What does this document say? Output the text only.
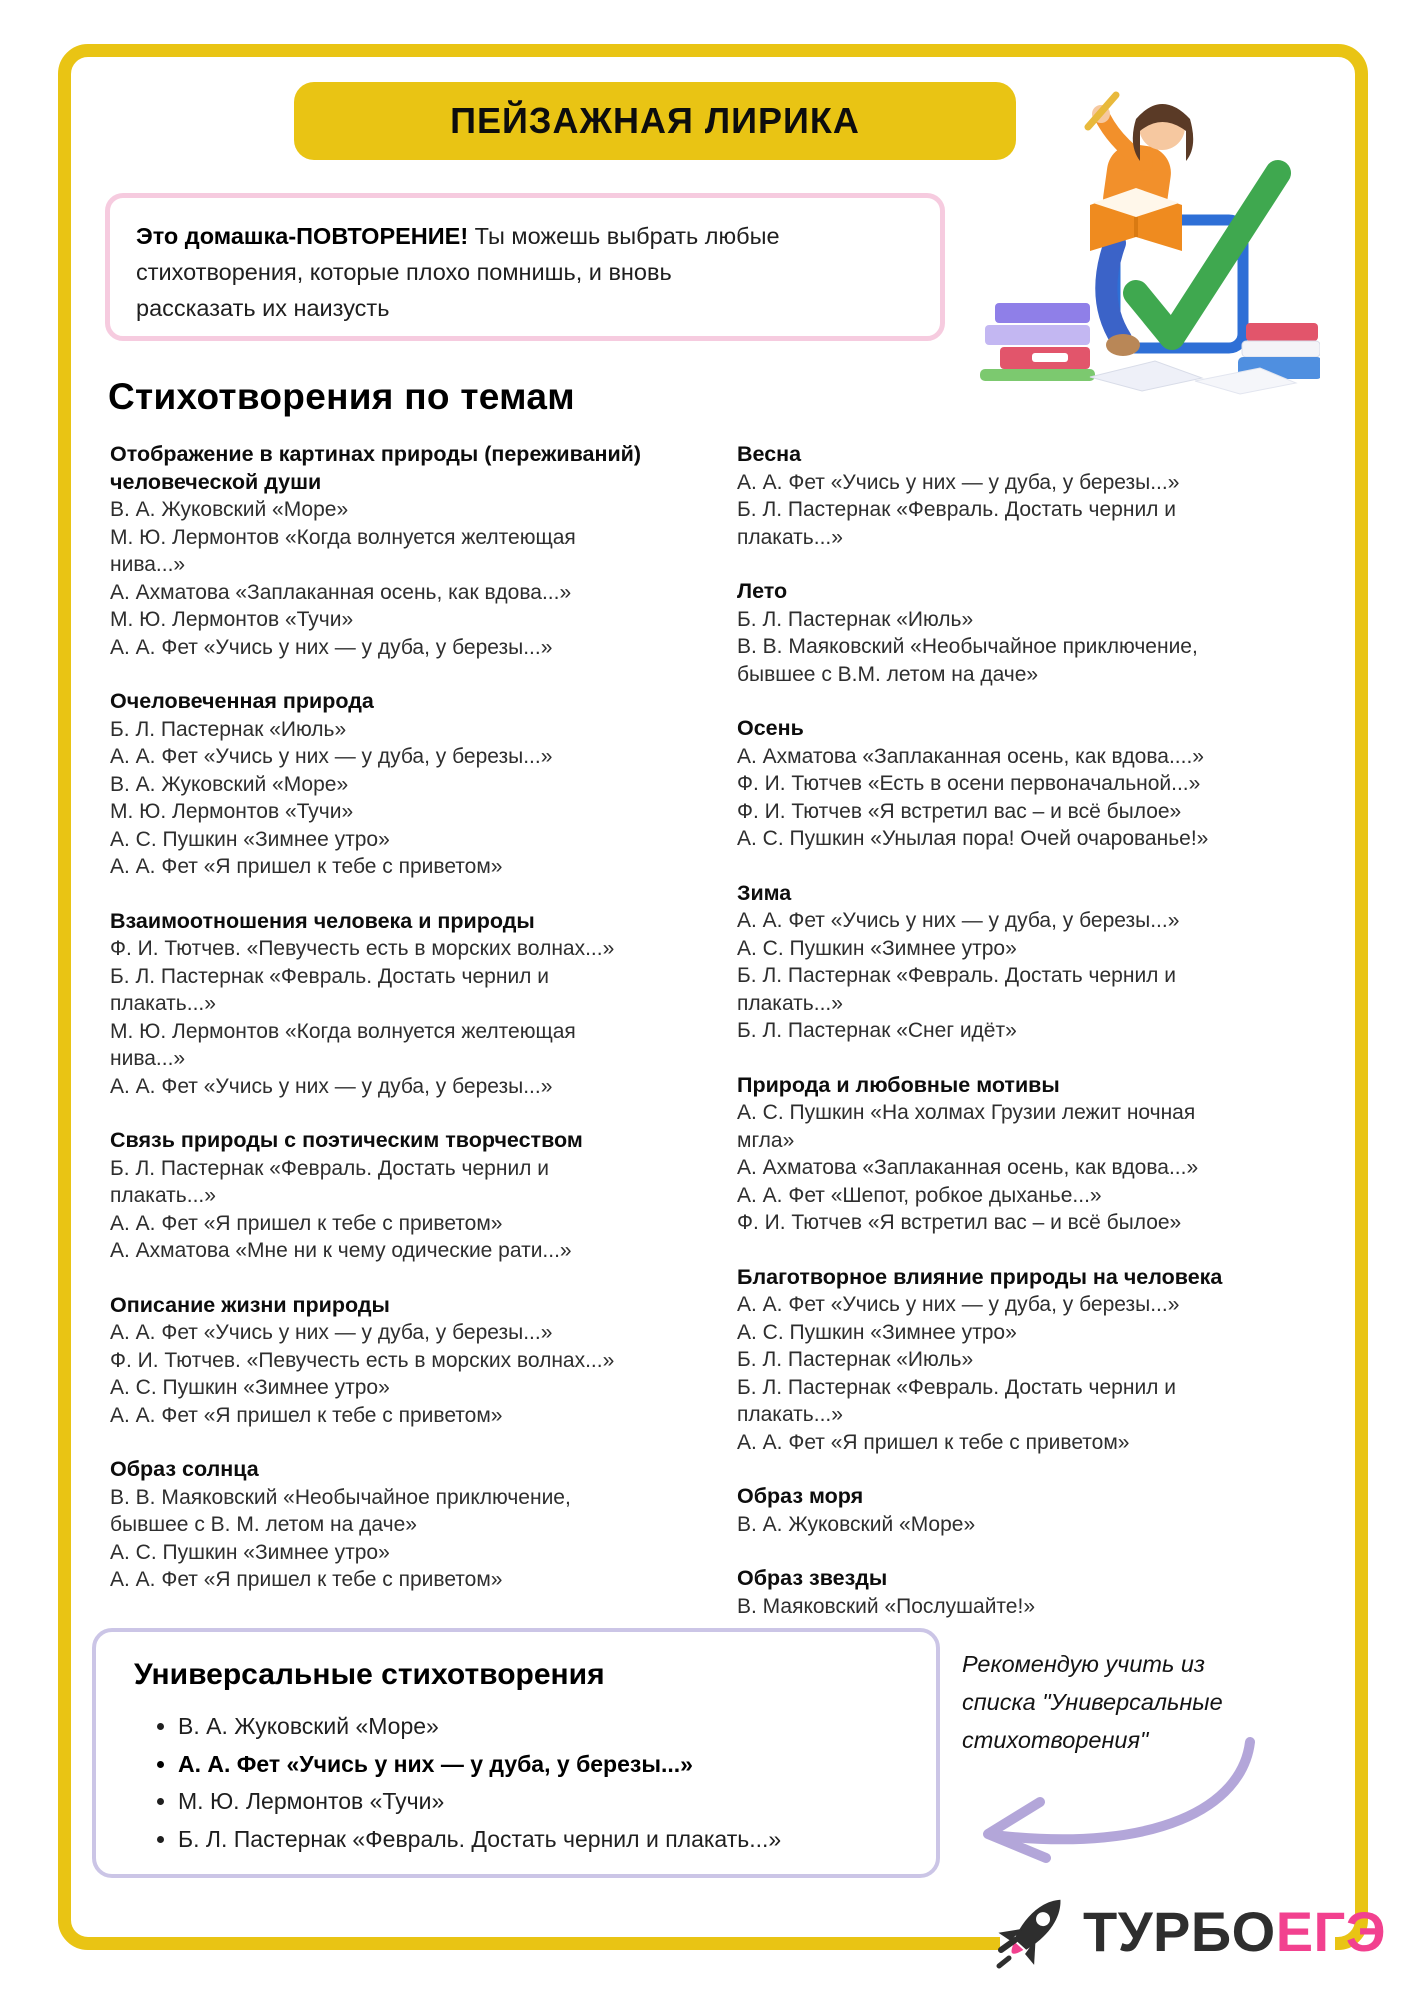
ПЕЙЗАЖНАЯ ЛИРИКА
Это домашка-ПОВТОРЕНИЕ! Ты можешь выбрать любые стихотворения, которые плохо помнишь, и вновь рассказать их наизусть
Стихотворения по темам
Отображение в картинах природы (переживаний) человеческой души
В. А. Жуковский «Море»
М. Ю. Лермонтов «Когда волнуется желтеющая нива...»
А. Ахматова «Заплаканная осень, как вдова...»
М. Ю. Лермонтов «Тучи»
А. А. Фет «Учись у них — у дуба, у березы...»
Очеловеченная природа
Б. Л. Пастернак «Июль»
А. А. Фет «Учись у них — у дуба, у березы...»
В. А. Жуковский «Море»
М. Ю. Лермонтов «Тучи»
А. С. Пушкин «Зимнее утро»
А. А. Фет «Я пришел к тебе с приветом»
Взаимоотношения человека и природы
Ф. И. Тютчев. «Певучесть есть в морских волнах...»
Б. Л. Пастернак «Февраль. Достать чернил и плакать...»
М. Ю. Лермонтов «Когда волнуется желтеющая нива...»
А. А. Фет «Учись у них — у дуба, у березы...»
Связь природы с поэтическим творчеством
Б. Л. Пастернак «Февраль. Достать чернил и плакать...»
А. А. Фет «Я пришел к тебе с приветом»
А. Ахматова «Мне ни к чему одические рати...»
Описание жизни природы
А. А. Фет «Учись у них — у дуба, у березы...»
Ф. И. Тютчев. «Певучесть есть в морских волнах...»
А. С. Пушкин «Зимнее утро»
А. А. Фет «Я пришел к тебе с приветом»
Образ солнца
В. В. Маяковский «Необычайное приключение, бывшее с В. М. летом на даче»
А. С. Пушкин «Зимнее утро»
А. А. Фет «Я пришел к тебе с приветом»
Весна
А. А. Фет «Учись у них — у дуба, у березы...»
Б. Л. Пастернак «Февраль. Достать чернил и плакать...»
Лето
Б. Л. Пастернак «Июль»
В. В. Маяковский «Необычайное приключение, бывшее с В.М. летом на даче»
Осень
А. Ахматова «Заплаканная осень, как вдова....»
Ф. И. Тютчев «Есть в осени первоначальной...»
Ф. И. Тютчев «Я встретил вас – и всё былое»
А. С. Пушкин «Унылая пора! Очей очарованье!»
Зима
А. А. Фет «Учись у них — у дуба, у березы...»
А. С. Пушкин «Зимнее утро»
Б. Л. Пастернак «Февраль. Достать чернил и плакать...»
Б. Л. Пастернак «Снег идёт»
Природа и любовные мотивы
А. С. Пушкин «На холмах Грузии лежит ночная мгла»
А. Ахматова «Заплаканная осень, как вдова...»
А. А. Фет «Шепот, робкое дыханье...»
Ф. И. Тютчев «Я встретил вас – и всё былое»
Благотворное влияние природы на человека
А. А. Фет «Учись у них — у дуба, у березы...»
А. С. Пушкин «Зимнее утро»
Б. Л. Пастернак «Июль»
Б. Л. Пастернак «Февраль. Достать чернил и плакать...»
А. А. Фет «Я пришел к тебе с приветом»
Образ моря
В. А. Жуковский «Море»
Образ звезды
В. Маяковский «Послушайте!»
Универсальные стихотворения
• В. А. Жуковский «Море»
• А. А. Фет «Учись у них — у дуба, у березы...»
• М. Ю. Лермонтов «Тучи»
• Б. Л. Пастернак «Февраль. Достать чернил и плакать...»
Рекомендую учить из списка "Универсальные стихотворения"
ТУРБОЕГЭ
